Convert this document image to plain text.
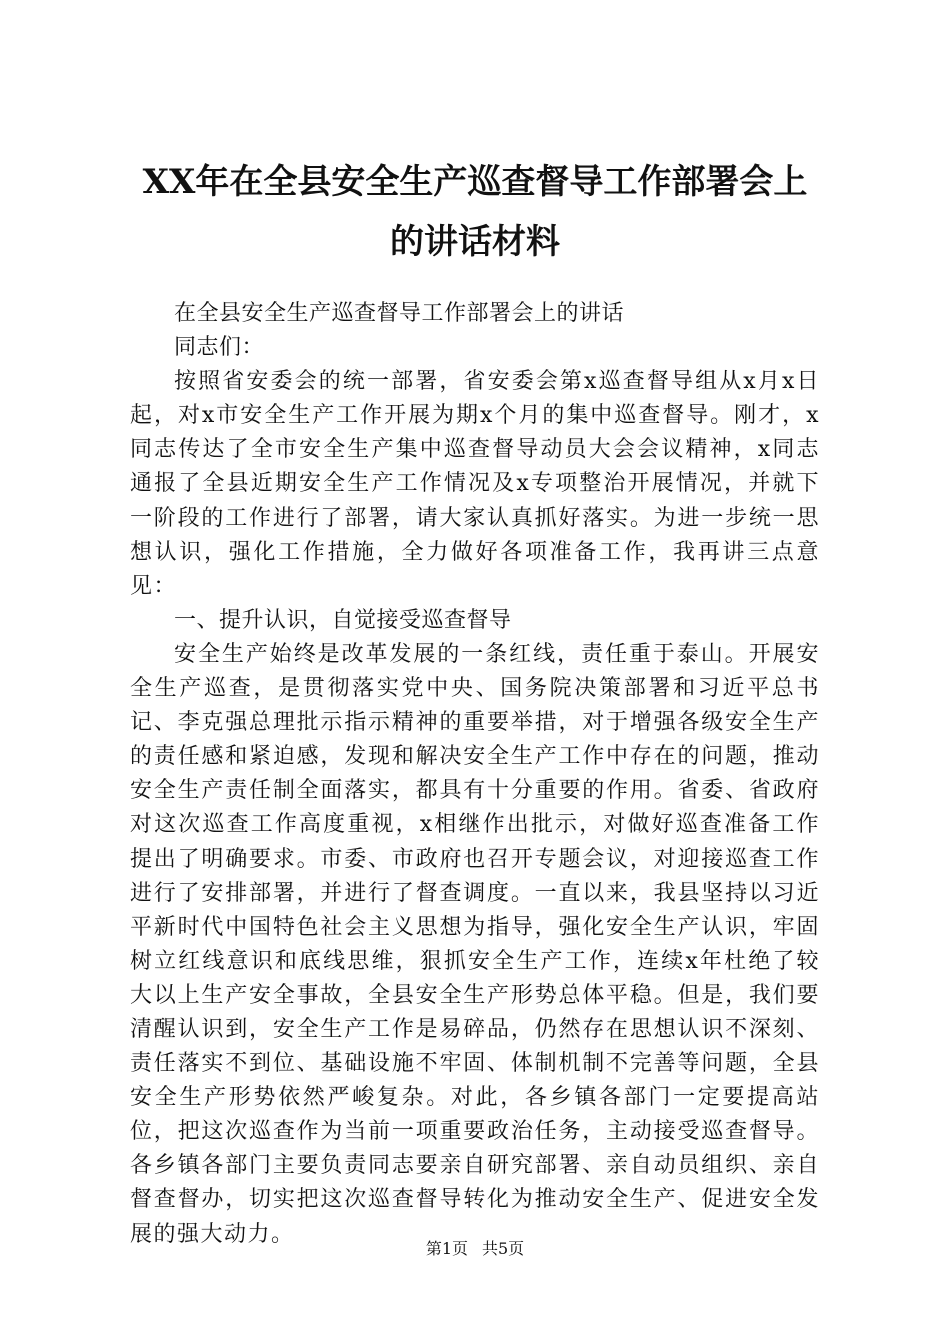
XX年在全县安全生产巡查督导工作部署会上
的讲话材料

在全县安全生产巡查督导工作部署会上的讲话

同志们：

按照省安委会的统一部署，省安委会第x巡查督导组从x月x日起，对x市安全生产工作开展为期x个月的集中巡查督导。刚才，x同志传达了全市安全生产集中巡查督导动员大会会议精神，x同志通报了全县近期安全生产工作情况及x专项整治开展情况，并就下一阶段的工作进行了部署，请大家认真抓好落实。为进一步统一思想认识，强化工作措施，全力做好各项准备工作，我再讲三点意见：

一、提升认识，自觉接受巡查督导

安全生产始终是改革发展的一条红线，责任重于泰山。开展安全生产巡查，是贯彻落实党中央、国务院决策部署和习近平总书记、李克强总理批示指示精神的重要举措，对于增强各级安全生产的责任感和紧迫感，发现和解决安全生产工作中存在的问题，推动安全生产责任制全面落实，都具有十分重要的作用。省委、省政府对这次巡查工作高度重视，x相继作出批示，对做好巡查准备工作提出了明确要求。市委、市政府也召开专题会议，对迎接巡查工作进行了安排部署，并进行了督查调度。一直以来，我县坚持以习近平新时代中国特色社会主义思想为指导，强化安全生产认识，牢固树立红线意识和底线思维，狠抓安全生产工作，连续x年杜绝了较大以上生产安全事故，全县安全生产形势总体平稳。但是，我们要清醒认识到，安全生产工作是易碎品，仍然存在思想认识不深刻、责任落实不到位、基础设施不牢固、体制机制不完善等问题，全县安全生产形势依然严峻复杂。对此，各乡镇各部门一定要提高站位，把这次巡查作为当前一项重要政治任务，主动接受巡查督导。各乡镇各部门主要负责同志要亲自研究部署、亲自动员组织、亲自督查督办，切实把这次巡查督导转化为推动安全生产、促进安全发展的强大动力。

第1页 共5页
